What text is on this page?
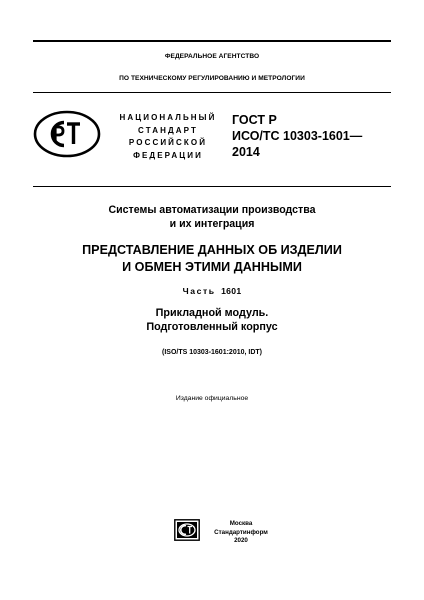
ФЕДЕРАЛЬНОЕ АГЕНТСТВО
ПО ТЕХНИЧЕСКОМУ РЕГУЛИРОВАНИЮ И МЕТРОЛОГИИ
НАЦИОНАЛЬНЫЙ
СТАНДАРТ
РОССИЙСКОЙ
ФЕДЕРАЦИИ
ГОСТ Р
ИСО/ТС 10303-1601—
2014
Системы автоматизации производства
и их интеграция
ПРЕДСТАВЛЕНИЕ ДАННЫХ ОБ ИЗДЕЛИИ
И ОБМЕН ЭТИМИ ДАННЫМИ
Часть 1601
Прикладной модуль.
Подготовленный корпус
(ISO/TS 10303-1601:2010, IDT)
Издание официальное
Москва
Стандартинформ
2020
